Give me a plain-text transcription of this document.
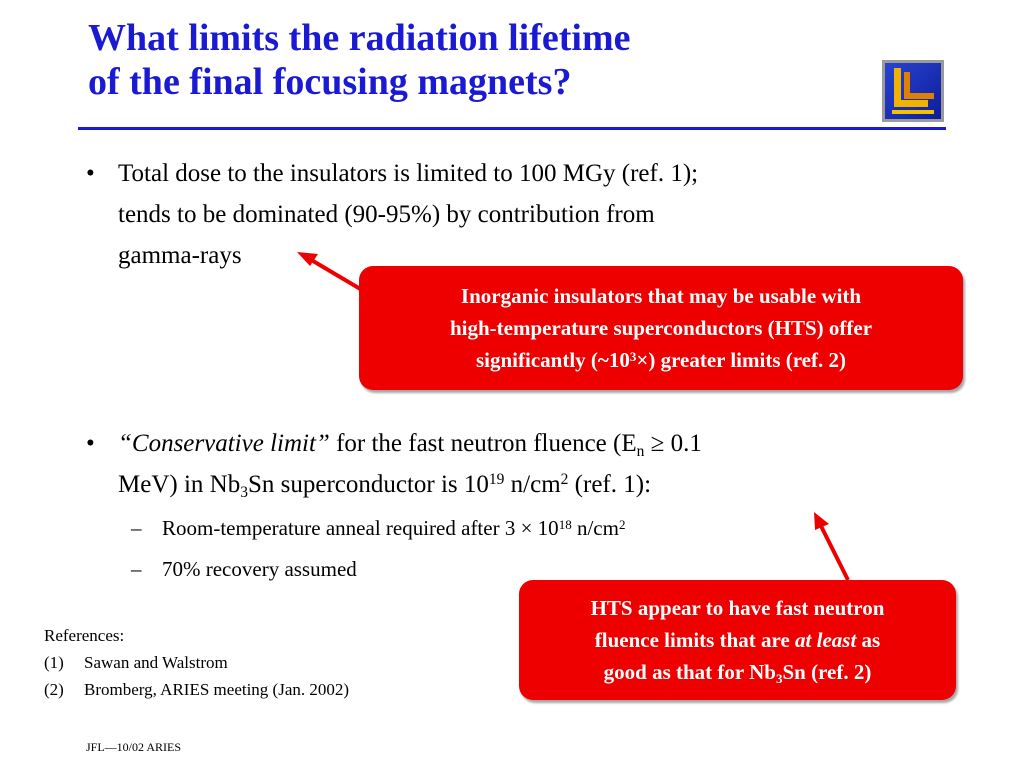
What limits the radiation lifetime
of the final focusing magnets?
• Total dose to the insulators is limited to 100 MGy (ref. 1);
tends to be dominated (90-95%) by contribution from
gamma-rays
• “Conservative limit” for the fast neutron fluence ($E_n \ge 0.1$
MeV) in $Nb_3Sn$ superconductor is $10^{19}$ $n/cm^2$ (ref. 1):
– Room-temperature anneal required after $3 \times 10^{18}$ $n/cm^2$
– 70% recovery assumed
Inorganic insulators that may be usable with
high-temperature superconductors (HTS) offer
significantly $(\sim 10^3\times)$ greater limits (ref. 2)
HTS appear to have fast neutron
fluence limits that are at least as
good as that for $Nb_3Sn$ (ref. 2)
References:
(1) Sawan and Walstrom
(2) Bromberg, ARIES meeting (Jan. 2002)
JFL—10/02 ARIES
